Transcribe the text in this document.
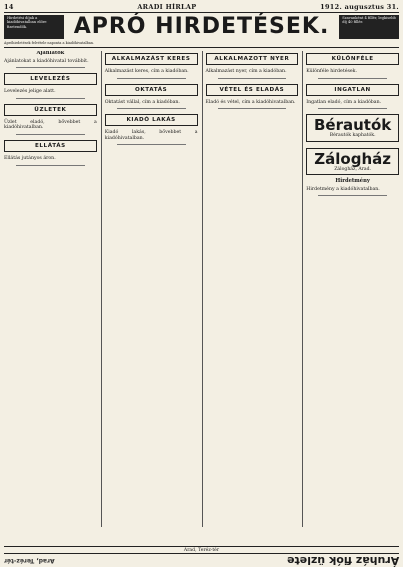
14	ARADI HÍRLAP	1912. augusztus 31.
Hirdetési díjak a kiadóhivatalban előre fizetendők.	APRÓ HIRDETÉSEK.	Szavanként 4 fillér, legkisebb díj 40 fillér.
Apróhirdetések felvétele naponta a kiadóhivatalban.
Ajánlatok
Ajánlatokat a kiadóhivatal továbbít.
LEVELEZÉS
Levelezés jelige alatt.
ÜZLETEK
Üzlet eladó, bővebbet a kiadóhivatalban.
ELLÁTÁS
Ellátás jutányos áron.
ALKALMAZÁST KERES
Alkalmazást keres, cím a kiadóban.
OKTATÁS
Oktatást vállal, cím a kiadóban.
KIADÓ LAKÁS
Kiadó lakás, bővebbet a kiadóhivatalban.
ALKALMAZOTT NYER
Alkalmazást nyer, cím a kiadóban.
VÉTEL ÉS ELADÁS
Eladó és vétel, cím a kiadóhivatalban.
KÜLÖNFÉLE
Különféle hirdetések.
INGATLAN
Ingatlan eladó, cím a kiadóban.
Bérautók
Bérautók kaphatók.
Zálogház
Zálogház, Arad.
Hirdetmény
Hirdetmény a kiadóhivatalban.
Arad, Teréz-tér
Arad, Teréz-tér	Áruház fiók üzlete
